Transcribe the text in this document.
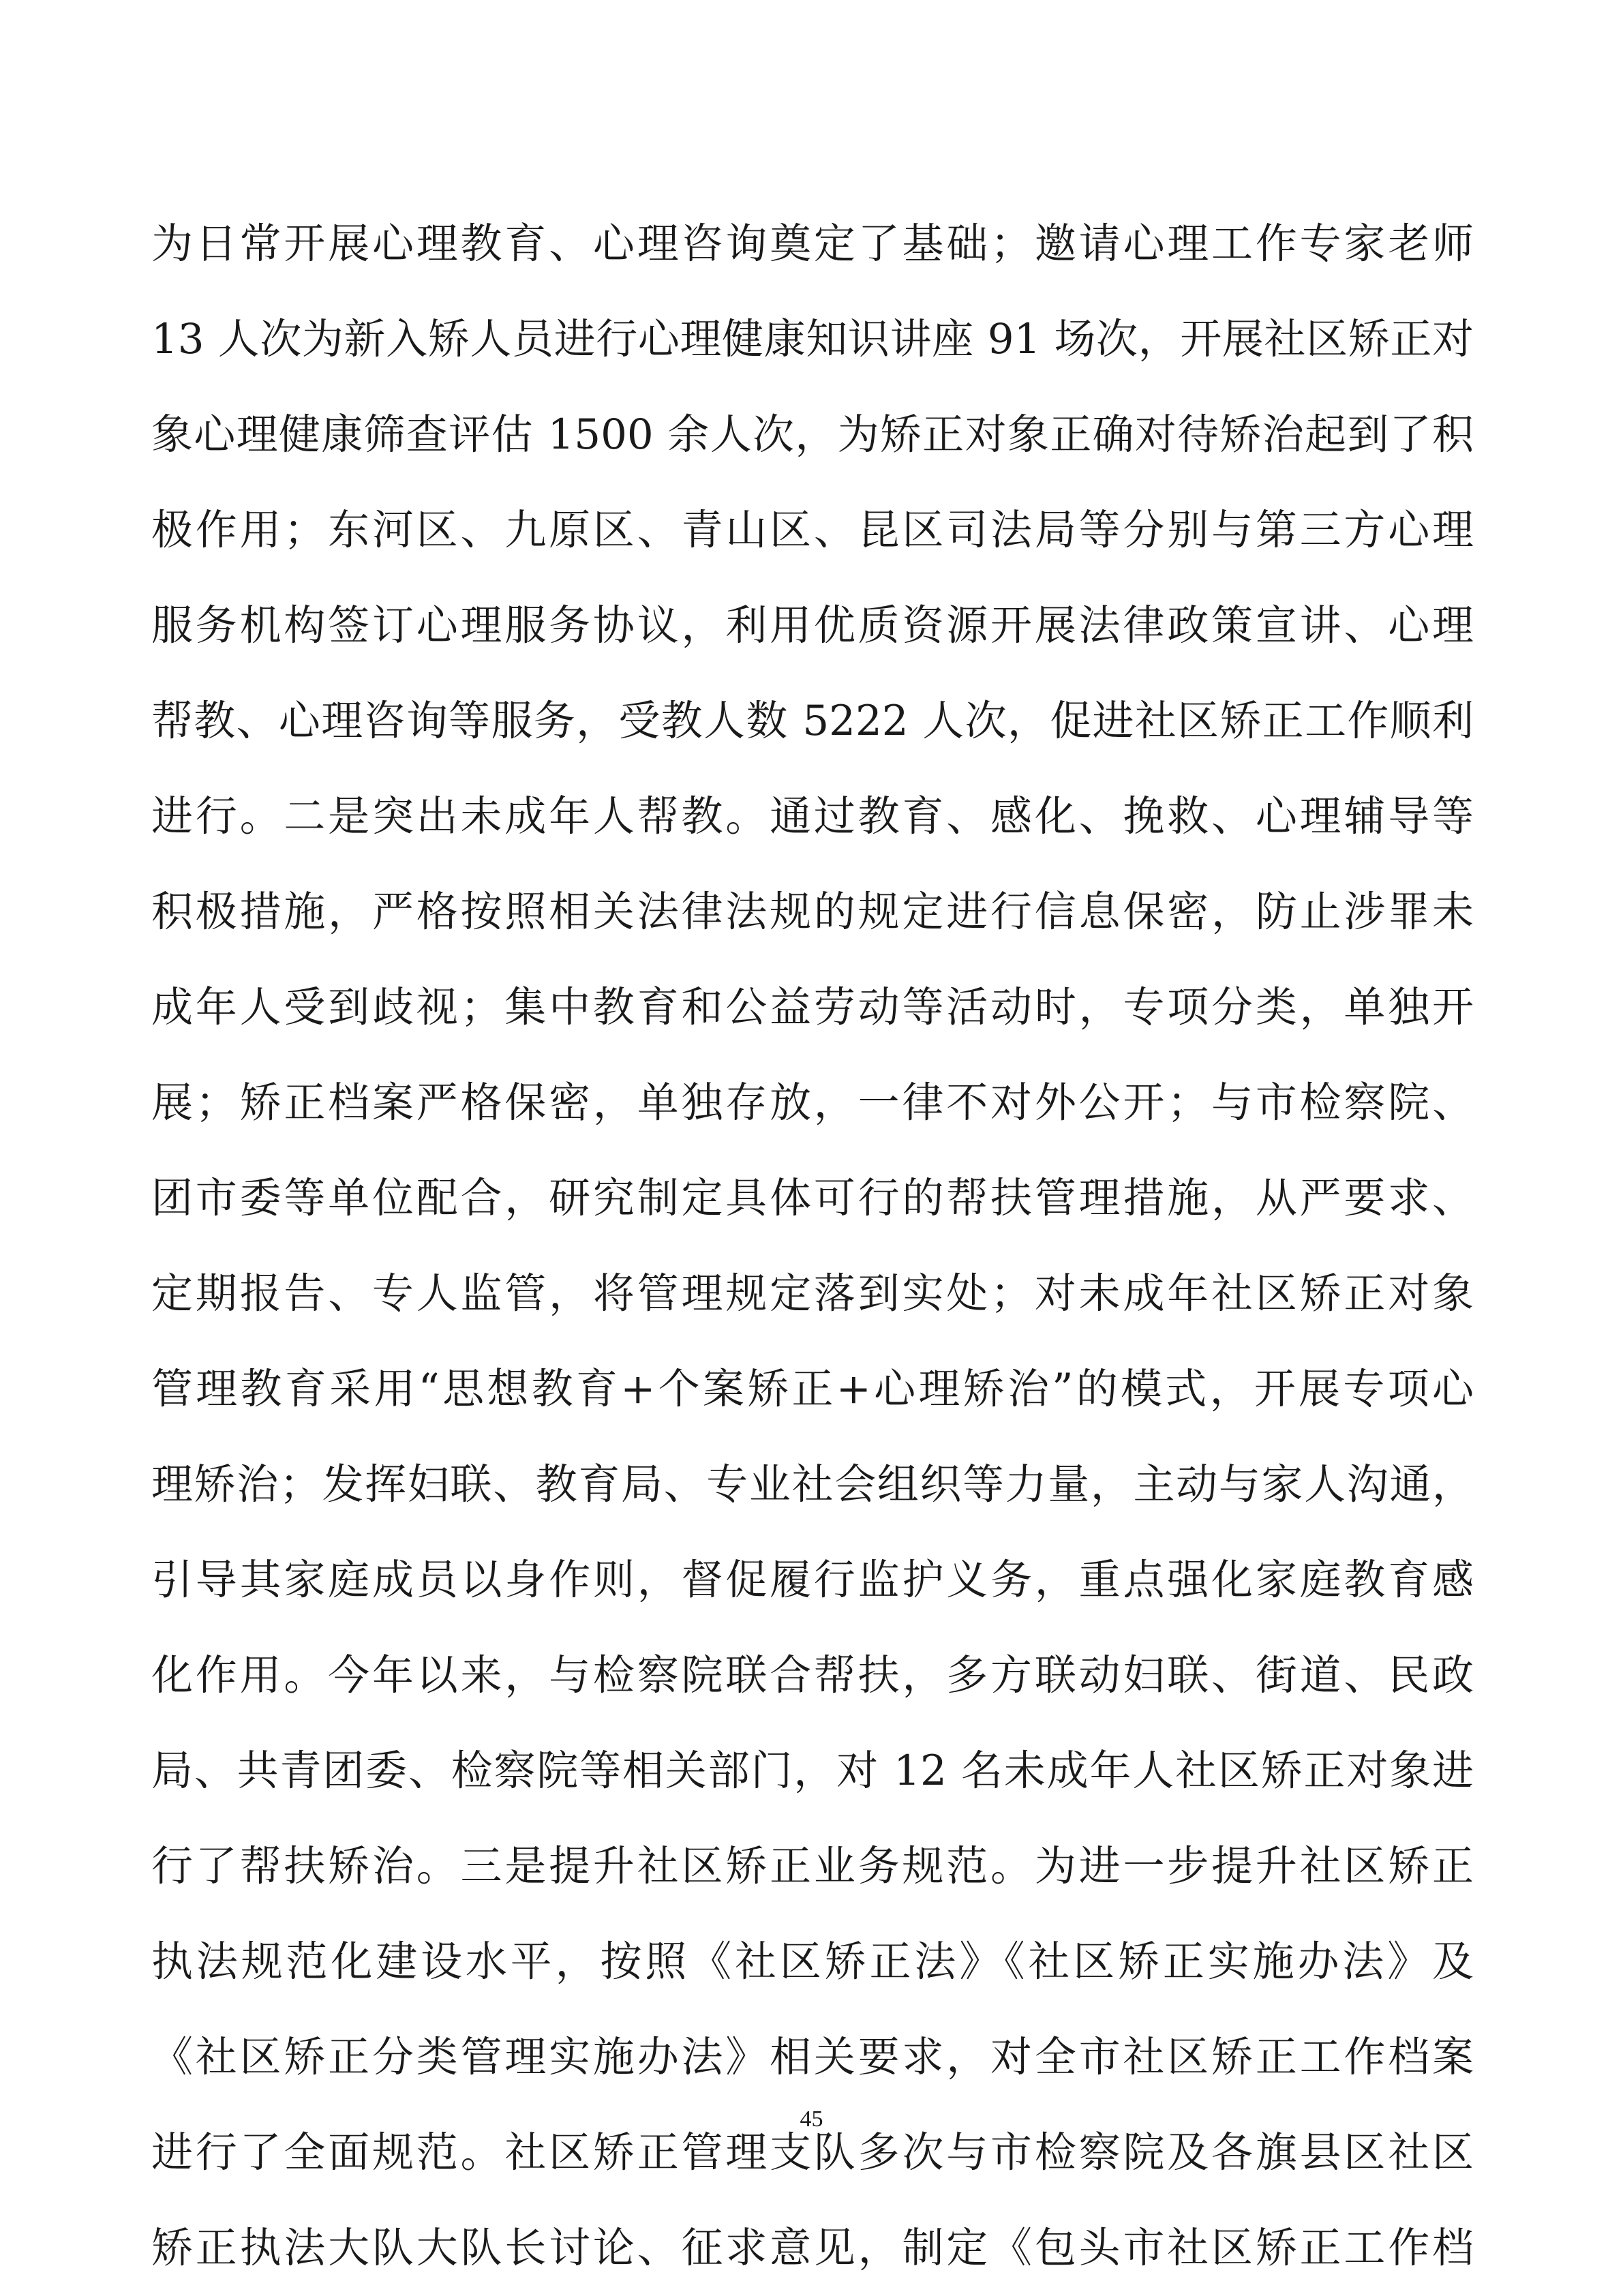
为日常开展心理教育、心理咨询奠定了基础；邀请心理工作专家老师
13 人次为新入矫人员进行心理健康知识讲座 91 场次，开展社区矫正对
象心理健康筛查评估 1500 余人次，为矫正对象正确对待矫治起到了积
极作用；东河区、九原区、青山区、昆区司法局等分别与第三方心理
服务机构签订心理服务协议，利用优质资源开展法律政策宣讲、心理
帮教、心理咨询等服务，受教人数 5222 人次，促进社区矫正工作顺利
进行。二是突出未成年人帮教。通过教育、感化、挽救、心理辅导等
积极措施，严格按照相关法律法规的规定进行信息保密，防止涉罪未
成年人受到歧视；集中教育和公益劳动等活动时，专项分类，单独开
展；矫正档案严格保密，单独存放，一律不对外公开；与市检察院、
团市委等单位配合，研究制定具体可行的帮扶管理措施，从严要求、
定期报告、专人监管，将管理规定落到实处；对未成年社区矫正对象
管理教育采用“思想教育+个案矫正+心理矫治”的模式，开展专项心
理矫治；发挥妇联、教育局、专业社会组织等力量，主动与家人沟通，
引导其家庭成员以身作则，督促履行监护义务，重点强化家庭教育感
化作用。今年以来，与检察院联合帮扶，多方联动妇联、街道、民政
局、共青团委、检察院等相关部门，对 12 名未成年人社区矫正对象进
行了帮扶矫治。三是提升社区矫正业务规范。为进一步提升社区矫正
执法规范化建设水平，按照《社区矫正法》《社区矫正实施办法》及
《社区矫正分类管理实施办法》相关要求，对全市社区矫正工作档案
进行了全面规范。社区矫正管理支队多次与市检察院及各旗县区社区
矫正执法大队大队长讨论、征求意见，制定《包头市社区矫正工作档
45
